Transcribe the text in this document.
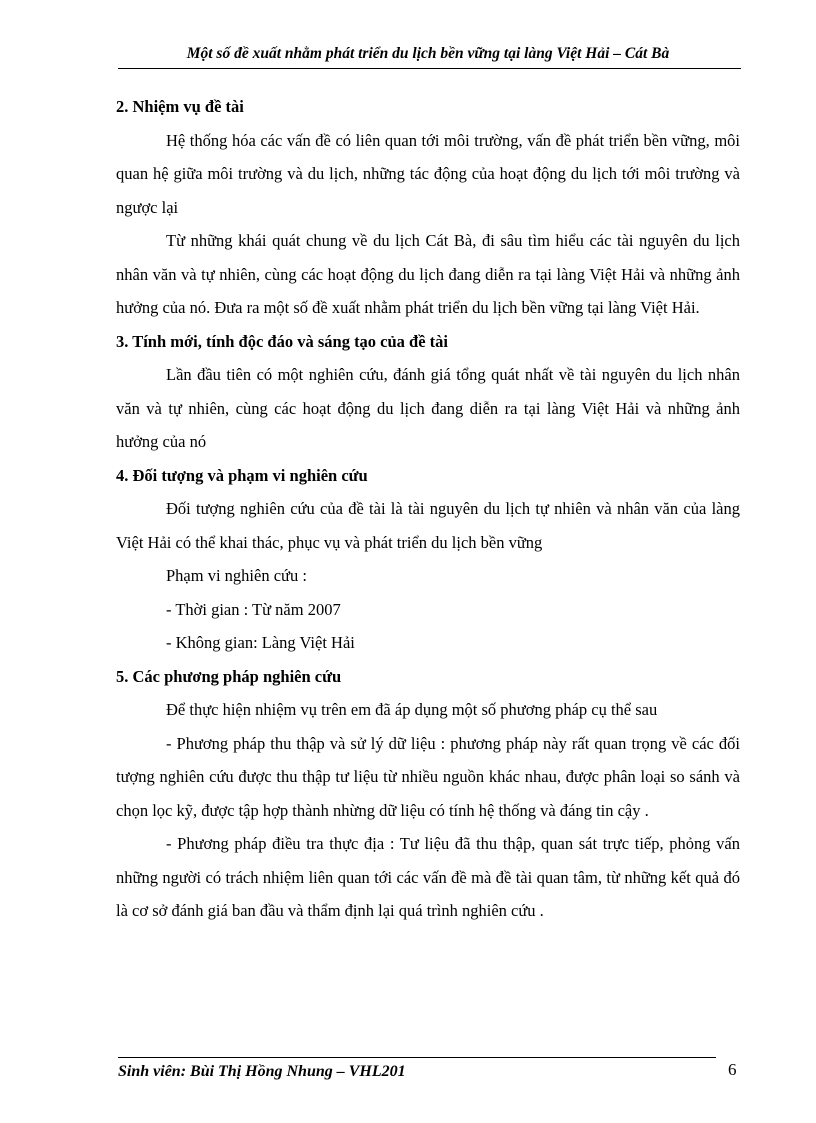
Một số đề xuất nhằm phát triển du lịch bền vững tại làng Việt Hải – Cát Bà

2. Nhiệm vụ đề tài

Hệ thống hóa các vấn đề có liên quan tới môi trường, vấn đề phát triển bền vững, môi quan hệ giữa môi trường và du lịch, những tác động của hoạt động du lịch tới môi trường và ngược lại

Từ những khái quát chung về du lịch Cát Bà, đi sâu tìm hiểu các tài nguyên du lịch nhân văn và tự nhiên, cùng các hoạt động du lịch đang diễn ra tại làng Việt Hải và những ảnh hưởng của nó. Đưa ra một số đề xuất nhằm phát triển du lịch bền vững tại làng Việt Hải.

3. Tính mới, tính độc đáo và sáng tạo của đề tài

Lần đầu tiên có một nghiên cứu, đánh giá tổng quát nhất về tài nguyên du lịch nhân văn và tự nhiên, cùng các hoạt động du lịch đang diễn ra tại làng Việt Hải và những ảnh hưởng của nó

4. Đối tượng và phạm vi nghiên cứu

Đối tượng nghiên cứu của đề tài là tài nguyên du lịch tự nhiên và nhân văn của làng Việt Hải có thể khai thác, phục vụ và phát triển du lịch bền vững

Phạm vi nghiên cứu :

- Thời gian : Từ năm 2007

- Không gian: Làng Việt Hải

5. Các phương pháp nghiên cứu

Để thực hiện nhiệm vụ trên em đã áp dụng một số phương pháp cụ thể sau

- Phương pháp thu thập và sử lý dữ liệu : phương pháp này rất quan trọng về các đối tượng nghiên cứu được thu thập tư liệu từ nhiều nguồn khác nhau, được phân loại so sánh và chọn lọc kỹ, được tập hợp thành nhừng dữ liệu có tính hệ thống và đáng tin cậy .

- Phương pháp điều tra thực địa : Tư liệu đã thu thập, quan sát trực tiếp, phỏng vấn những người có trách nhiệm liên quan tới các vấn đề mà đề tài quan tâm, từ những kết quả đó là cơ sở đánh giá ban đầu và thẩm định lại quá trình nghiên cứu .

Sinh viên: Bùi Thị Hồng Nhung – VHL201	6
